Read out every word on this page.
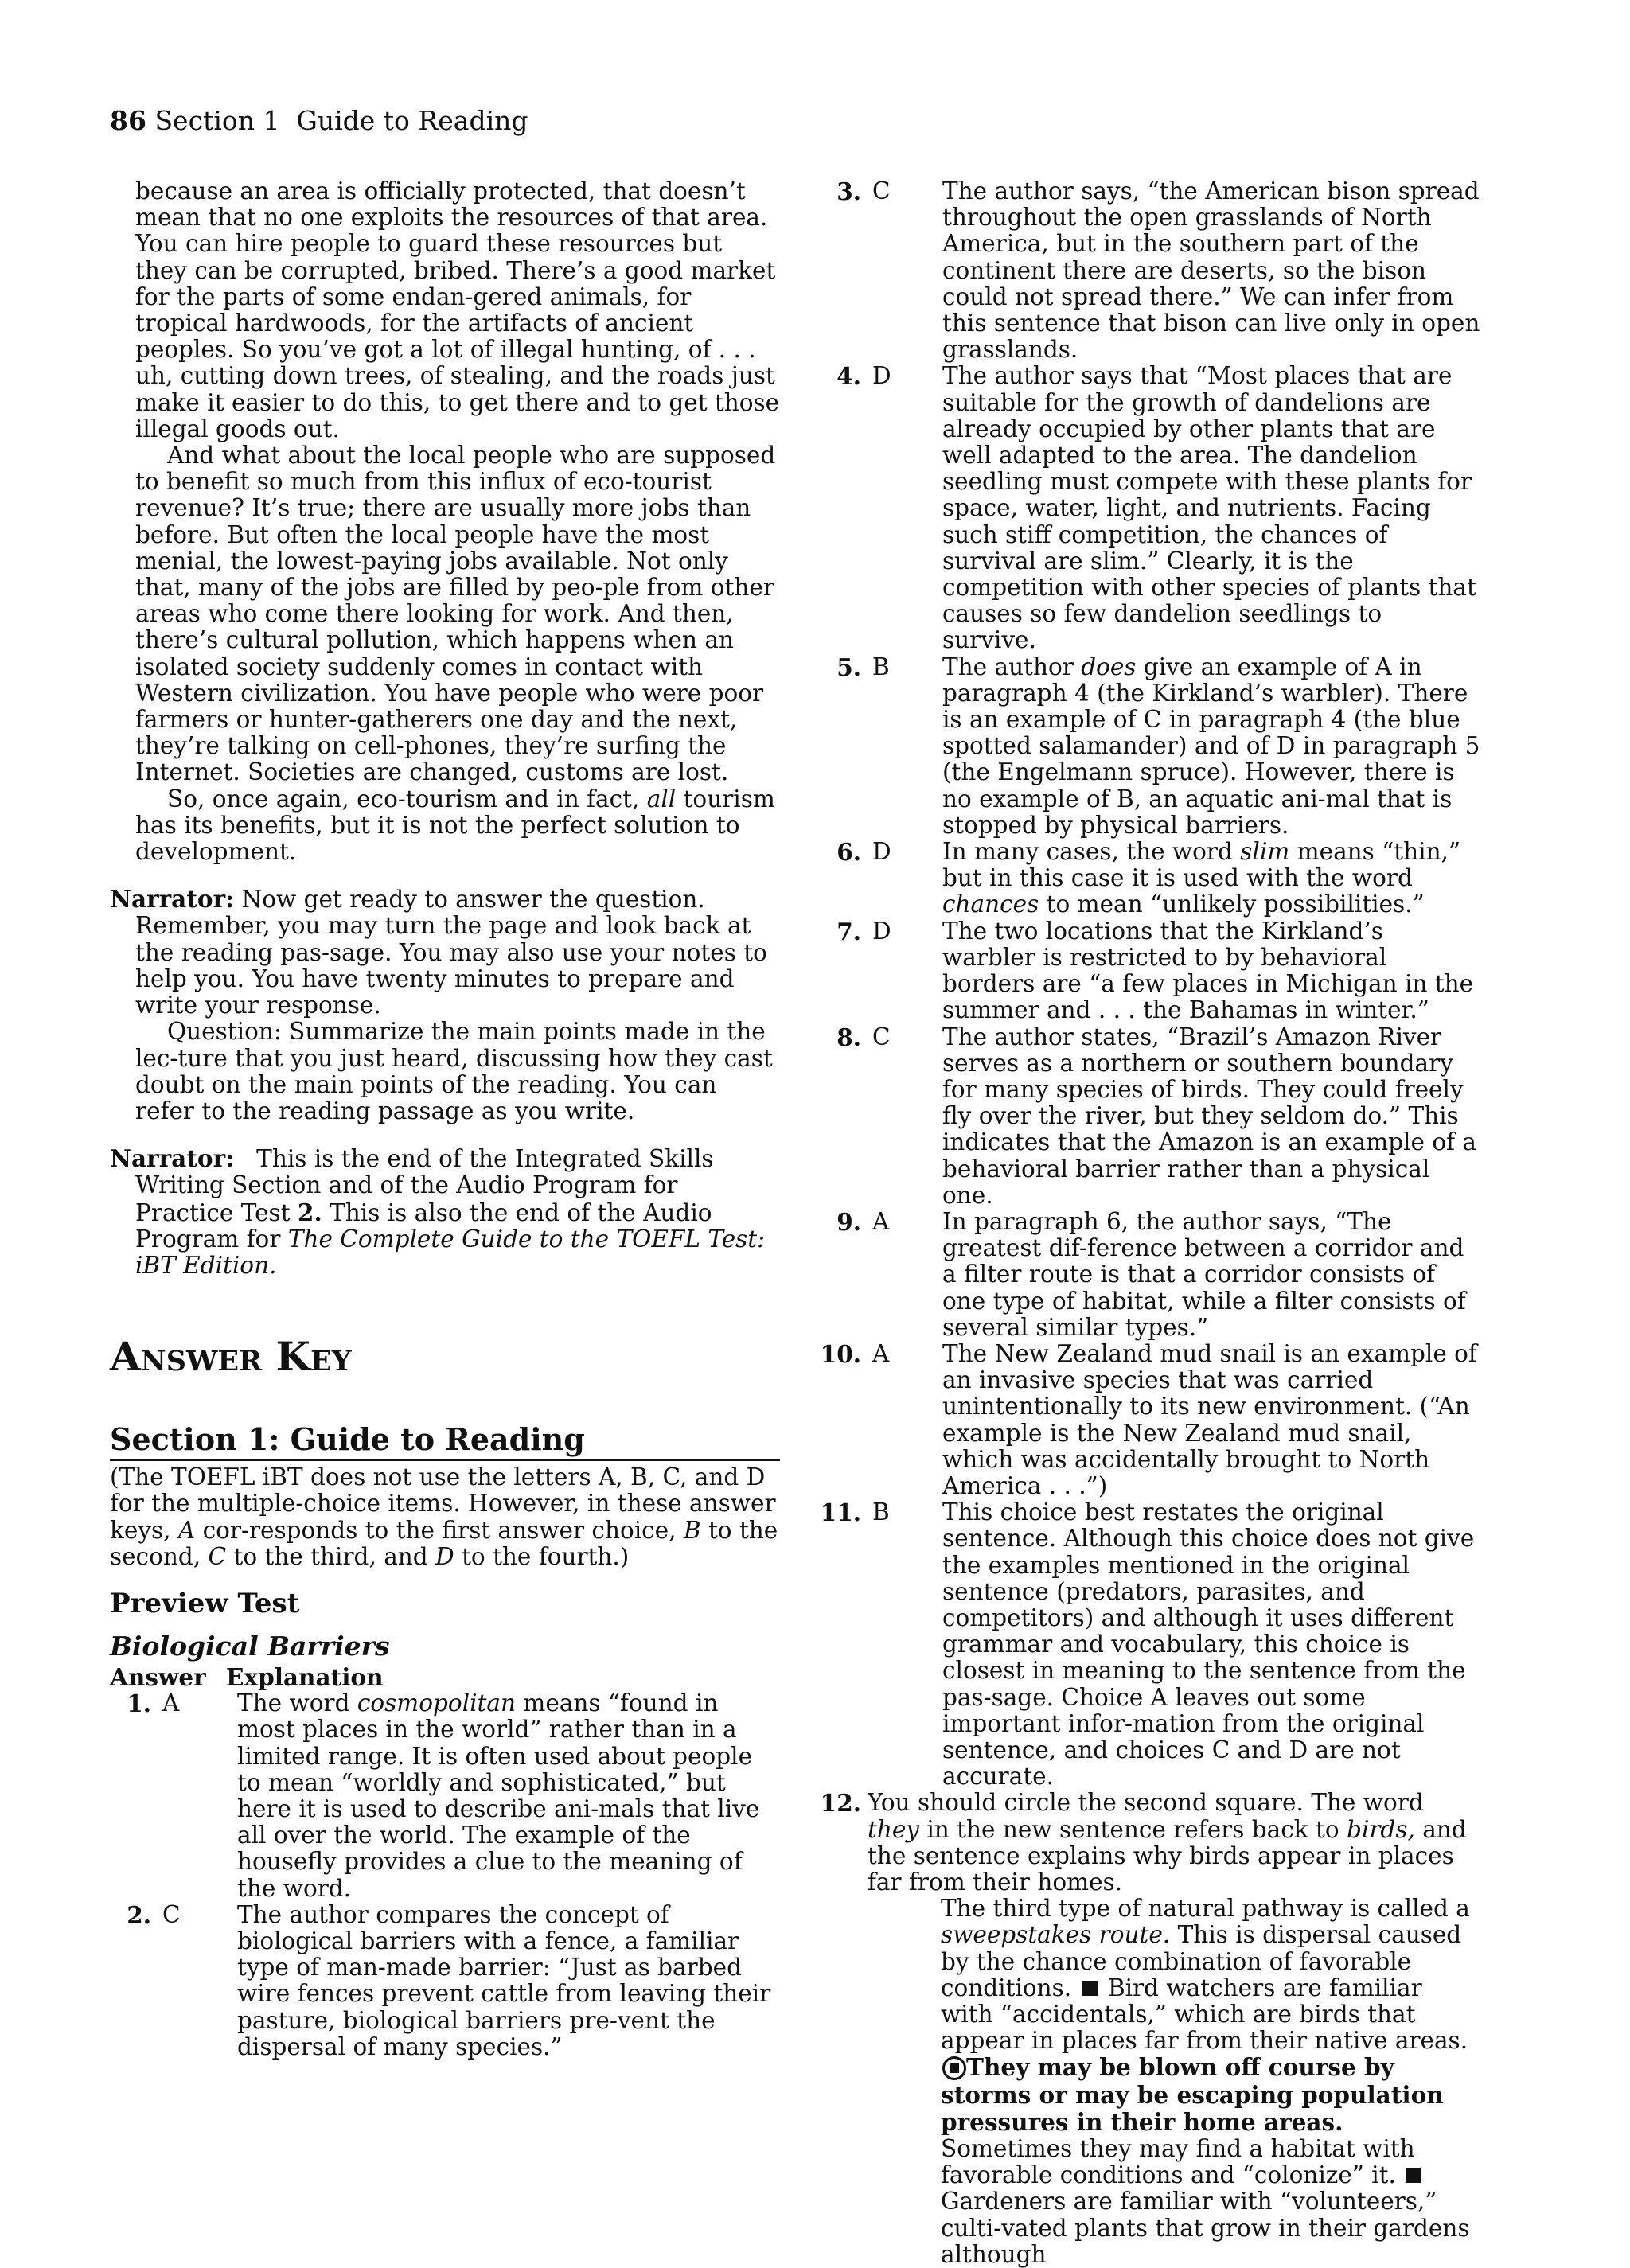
86 Section 1  Guide to Reading

because an area is officially protected, that doesn’t mean that no one exploits the resources of that area. You can hire people to guard these resources but they can be corrupted, bribed. There’s a good market for the parts of some endan-gered animals, for tropical hardwoods, for the artifacts of ancient peoples. So you’ve got a lot of illegal hunting, of . . . uh, cutting down trees, of stealing, and the roads just make it easier to do this, to get there and to get those illegal goods out.

And what about the local people who are supposed to benefit so much from this influx of eco-tourist revenue? It’s true; there are usually more jobs than before. But often the local people have the most menial, the lowest-paying jobs available. Not only that, many of the jobs are filled by peo-ple from other areas who come there looking for work. And then, there’s cultural pollution, which happens when an isolated society suddenly comes in contact with Western civilization. You have people who were poor farmers or hunter-gatherers one day and the next, they’re talking on cell-phones, they’re surfing the Internet. Societies are changed, customs are lost.

So, once again, eco-tourism and in fact, all tourism has its benefits, but it is not the perfect solution to development.

Narrator: Now get ready to answer the question. Remember, you may turn the page and look back at the reading pas-sage. You may also use your notes to help you. You have twenty minutes to prepare and write your response.

Question: Summarize the main points made in the lec-ture that you just heard, discussing how they cast doubt on the main points of the reading. You can refer to the reading passage as you write.

Narrator:   This is the end of the Integrated Skills Writing Section and of the Audio Program for Practice Test 2. This is also the end of the Audio Program for The Complete Guide to the TOEFL Test: iBT Edition.

Answer Key
Section 1: Guide to Reading

(The TOEFL iBT does not use the letters A, B, C, and D for the multiple-choice items. However, in these answer keys, A cor-responds to the first answer choice, B to the second, C to the third, and D to the fourth.)

Preview Test
Biological Barriers
Answer Explanation
1. A	The word cosmopolitan means “found in most places in the world” rather than in a limited range. It is often used about people to mean “worldly and sophisticated,” but here it is used to describe ani-mals that live all over the world. The example of the housefly provides a clue to the meaning of the word.
2. C	The author compares the concept of biological barriers with a fence, a familiar type of man-made barrier: “Just as barbed wire fences prevent cattle from leaving their pasture, biological barriers pre-vent the dispersal of many species.”
3. C	The author says, “the American bison spread throughout the open grasslands of North America, but in the southern part of the continent there are deserts, so the bison could not spread there.” We can infer from this sentence that bison can live only in open grasslands.
4. D	The author says that “Most places that are suitable for the growth of dandelions are already occupied by other plants that are well adapted to the area. The dandelion seedling must compete with these plants for space, water, light, and nutrients. Facing such stiff competition, the chances of survival are slim.” Clearly, it is the competition with other species of plants that causes so few dandelion seedlings to survive.
5. B	The author does give an example of A in paragraph 4 (the Kirkland’s warbler). There is an example of C in paragraph 4 (the blue spotted salamander) and of D in paragraph 5 (the Engelmann spruce). However, there is no example of B, an aquatic ani-mal that is stopped by physical barriers.
6. D	In many cases, the word slim means “thin,” but in this case it is used with the word chances to mean “unlikely possibilities.”
7. D	The two locations that the Kirkland’s warbler is restricted to by behavioral borders are “a few places in Michigan in the summer and . . . the Bahamas in winter.”
8. C	The author states, “Brazil’s Amazon River serves as a northern or southern boundary for many species of birds. They could freely fly over the river, but they seldom do.” This indicates that the Amazon is an example of a behavioral barrier rather than a physical one.
9. A	In paragraph 6, the author says, “The greatest dif-ference between a corridor and a filter route is that a corridor consists of one type of habitat, while a filter consists of several similar types.”
10. A	The New Zealand mud snail is an example of an invasive species that was carried unintentionally to its new environment. (“An example is the New Zealand mud snail, which was accidentally brought to North America . . .”)
11. B	This choice best restates the original sentence. Although this choice does not give the examples mentioned in the original sentence (predators, parasites, and competitors) and although it uses different grammar and vocabulary, this choice is closest in meaning to the sentence from the pas-sage. Choice A leaves out some important infor-mation from the original sentence, and choices C and D are not accurate.
12. You should circle the second square. The word they in the new sentence refers back to birds, and the sentence explains why birds appear in places far from their homes.

The third type of natural pathway is called a sweepstakes route. This is dispersal caused by the chance combination of favorable conditions.  Bird watchers are familiar with “accidentals,” which are birds that appear in places far from their native areas.They may be blown off course by storms or may be escaping population pressures in their home areas. Sometimes they may find a habitat with favorable conditions and “colonize” it.  Gardeners are familiar with “volunteers,” culti-vated plants that grow in their gardens although
